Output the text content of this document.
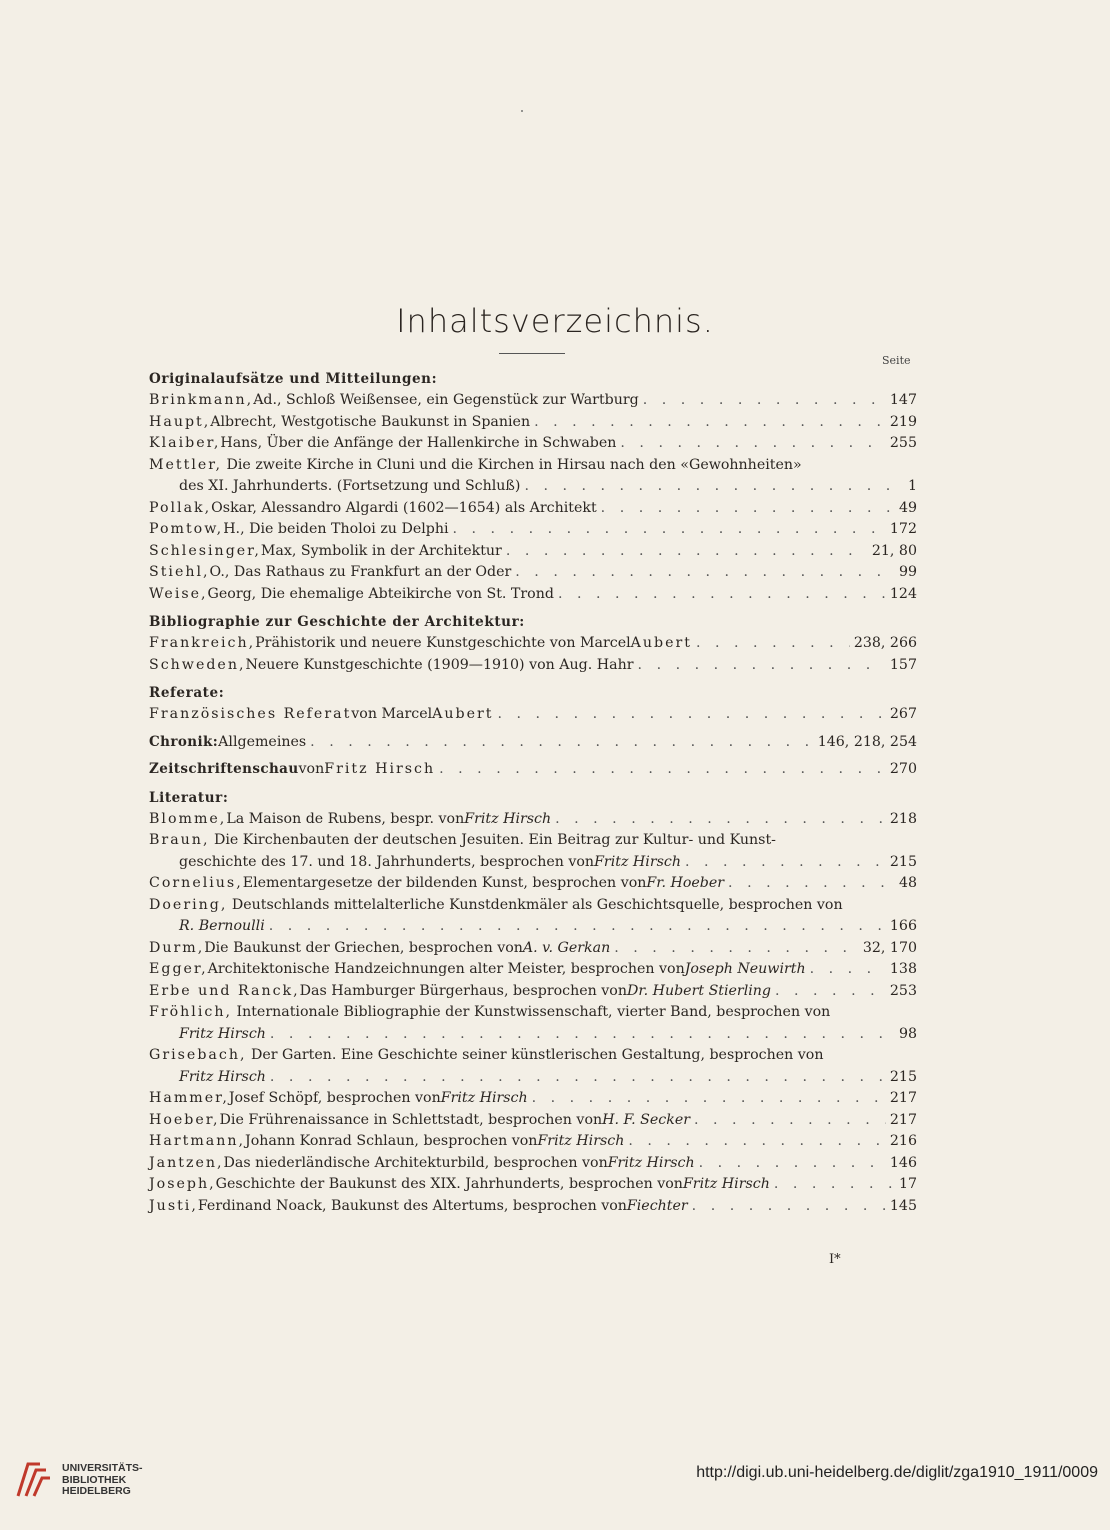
Inhaltsverzeichnis.
Seite
Originalaufsätze und Mitteilungen:
Brinkmann, Ad., Schloß Weißensee, ein Gegenstück zur Wartburg . . .	147
Haupt, Albrecht, Westgotische Baukunst in Spanien . . .	219
Klaiber, Hans, Über die Anfänge der Hallenkirche in Schwaben . . .	255
Mettler, Die zweite Kirche in Cluni und die Kirchen in Hirsau nach den «Gewohnheiten»
des XI. Jahrhunderts. (Fortsetzung und Schluß) . . .	1
Pollak, Oskar, Alessandro Algardi (1602—1654) als Architekt . . .	49
Pomtow, H., Die beiden Tholoi zu Delphi . . .	172
Schlesinger, Max, Symbolik in der Architektur . . .	21, 80
Stiehl, O., Das Rathaus zu Frankfurt an der Oder . . .	99
Weise, Georg, Die ehemalige Abteikirche von St. Trond . . .	124
Bibliographie zur Geschichte der Architektur:
Frankreich, Prähistorik und neuere Kunstgeschichte von Marcel Aubert . . .	238, 266
Schweden, Neuere Kunstgeschichte (1909—1910) von Aug. Hahr . . .	157
Referate:
Französisches Referat von Marcel Aubert . . .	267
Chronik: Allgemeines . . .	146, 218, 254
Zeitschriftenschau von Fritz Hirsch . . .	270
Literatur:
Blomme, La Maison de Rubens, bespr. von Fritz Hirsch . . .	218
Braun, Die Kirchenbauten der deutschen Jesuiten. Ein Beitrag zur Kultur- und Kunst-
geschichte des 17. und 18. Jahrhunderts, besprochen von Fritz Hirsch . . .	215
Cornelius, Elementargesetze der bildenden Kunst, besprochen von Fr. Hoeber . . .	48
Doering, Deutschlands mittelalterliche Kunstdenkmäler als Geschichtsquelle, besprochen von
R. Bernoulli . . .	166
Durm, Die Baukunst der Griechen, besprochen von A. v. Gerkan . . .	32, 170
Egger, Architektonische Handzeichnungen alter Meister, besprochen von Joseph Neuwirth . . .	138
Erbe und Ranck, Das Hamburger Bürgerhaus, besprochen von Dr. Hubert Stierling . . .	253
Fröhlich, Internationale Bibliographie der Kunstwissenschaft, vierter Band, besprochen von
Fritz Hirsch . . .	98
Grisebach, Der Garten. Eine Geschichte seiner künstlerischen Gestaltung, besprochen von
Fritz Hirsch . . .	215
Hammer, Josef Schöpf, besprochen von Fritz Hirsch . . .	217
Hoeber, Die Frührenaissance in Schlettstadt, besprochen von H. F. Secker . . .	217
Hartmann, Johann Konrad Schlaun, besprochen von Fritz Hirsch . . .	216
Jantzen, Das niederländische Architekturbild, besprochen von Fritz Hirsch . . .	146
Joseph, Geschichte der Baukunst des XIX. Jahrhunderts, besprochen von Fritz Hirsch . . .	17
Justi, Ferdinand Noack, Baukunst des Altertums, besprochen von Fiechter . . .	145
I*
UNIVERSITÄTS-
BIBLIOTHEK
HEIDELBERG
http://digi.ub.uni-heidelberg.de/diglit/zga1910_1911/0009
